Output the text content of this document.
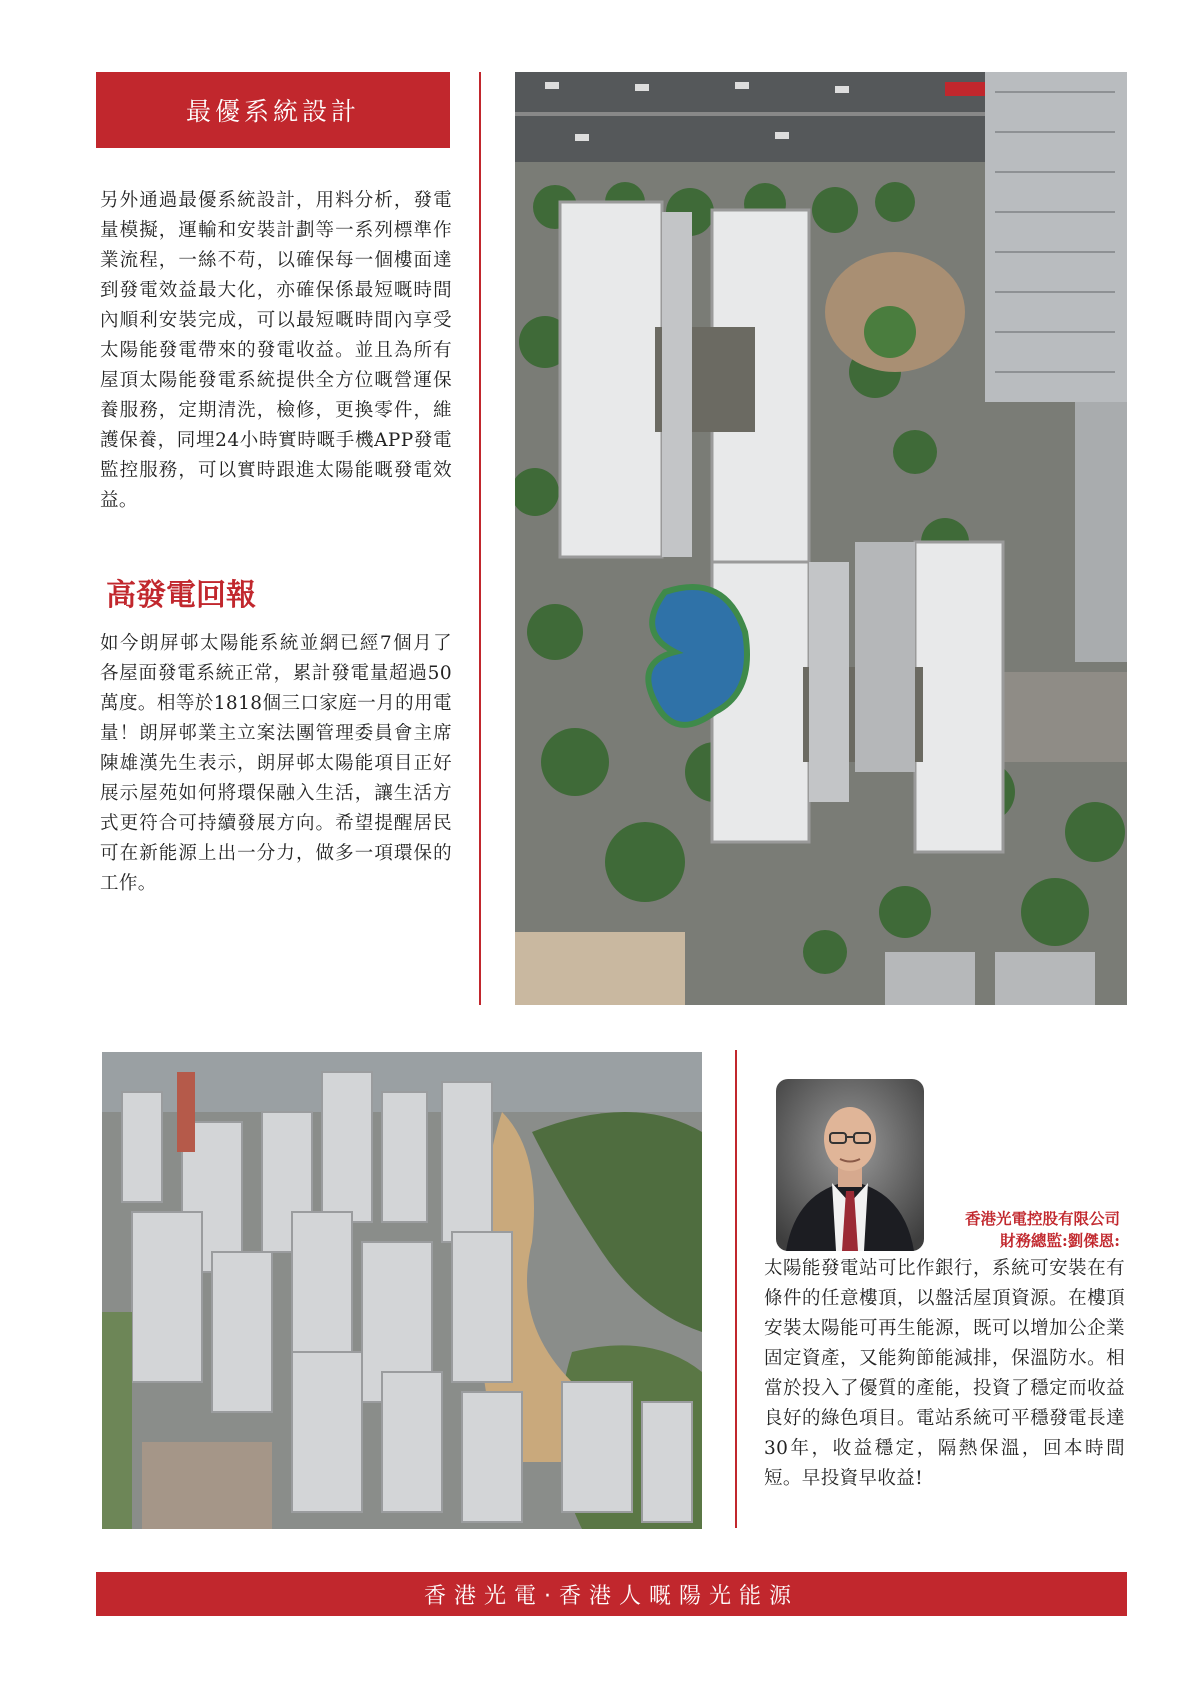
最優系統設計

另外通過最優系統設計，用料分析，發電量模擬，運輸和安裝計劃等一系列標準作業流程，一絲不苟，以確保每一個樓面達到發電效益最大化，亦確保係最短嘅時間內順利安裝完成，可以最短嘅時間內享受太陽能發電帶來的發電收益。並且為所有屋頂太陽能發電系統提供全方位嘅營運保養服務，定期清洗，檢修，更換零件，維護保養，同埋24小時實時嘅手機APP發電監控服務，可以實時跟進太陽能嘅發電效益。

高發電回報

如今朗屏邨太陽能系統並網已經7個月了各屋面發電系統正常，累計發電量超過50萬度。相等於1818個三口家庭一月的用電量！朗屏邨業主立案法團管理委員會主席陳雄漢先生表示，朗屏邨太陽能項目正好展示屋苑如何將環保融入生活，讓生活方式更符合可持續發展方向。希望提醒居民可在新能源上出一分力，做多一項環保的工作。

香港光電控股有限公司
財務總監:劉傑恩:

太陽能發電站可比作銀行，系統可安裝在有條件的任意樓頂，以盤活屋頂資源。在樓頂安裝太陽能可再生能源，既可以增加公企業固定資產，又能夠節能減排，保溫防水。相當於投入了優質的產能，投資了穩定而收益良好的綠色項目。電站系統可平穩發電長達30年，收益穩定，隔熱保溫，回本時間短。早投資早收益!

香港光電·香港人嘅陽光能源
